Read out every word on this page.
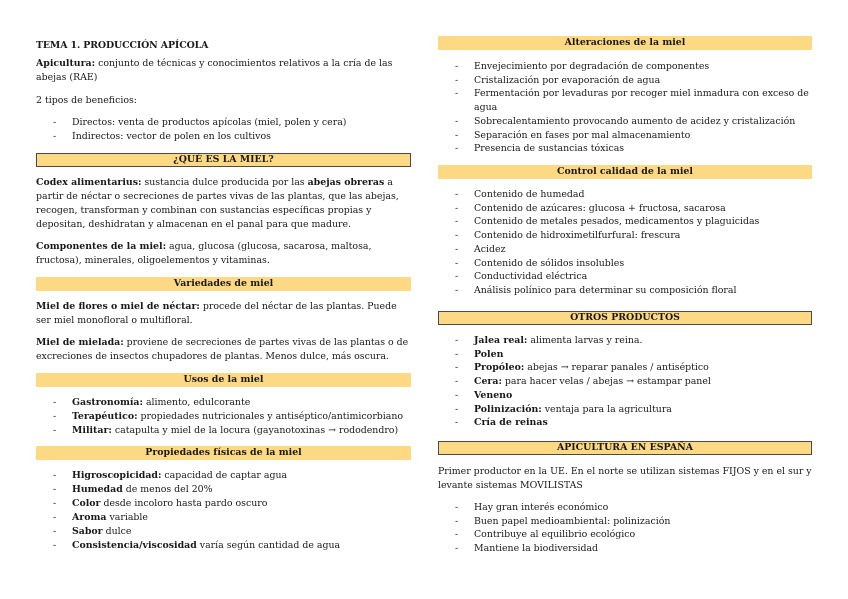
TEMA 1. PRODUCCIÓN APÍCOLA

Apicultura: conjunto de técnicas y conocimientos relativos a la cría de las abejas (RAE)

2 tipos de beneficios:

- Directos: venta de productos apícolas (miel, polen y cera)
- Indirectos: vector de polen en los cultivos
¿QUÉ ES LA MIEL?

Codex alimentarius: sustancia dulce producida por las abejas obreras a partir de néctar o secreciones de partes vivas de las plantas, que las abejas, recogen, transforman y combinan con sustancias específicas propias y depositan, deshidratan y almacenan en el panal para que madure.

Componentes de la miel: agua, glucosa (glucosa, sacarosa, maltosa, fructosa), minerales, oligoelementos y vitaminas.

Variedades de miel

Miel de flores o miel de néctar: procede del néctar de las plantas. Puede ser miel monofloral o multifloral.

Miel de mielada: proviene de secreciones de partes vivas de las plantas o de excreciones de insectos chupadores de plantas. Menos dulce, más oscura.

Usos de la miel
- Gastronomía: alimento, edulcorante
- Terapéutico: propiedades nutricionales y antiséptico/antimicorbiano
- Militar: catapulta y miel de la locura (gayanotoxinas → rododendro)
Propiedades físicas de la miel
- Higroscopicidad: capacidad de captar agua
- Humedad de menos del 20%
- Color desde incoloro hasta pardo oscuro
- Aroma variable
- Sabor dulce
- Consistencia/viscosidad varía según cantidad de agua
Alteraciones de la miel
- Envejecimiento por degradación de componentes
- Cristalización por evaporación de agua
- Fermentación por levaduras por recoger miel inmadura con exceso de agua
- Sobrecalentamiento provocando aumento de acidez y cristalización
- Separación en fases por mal almacenamiento
- Presencia de sustancias tóxicas
Control calidad de la miel
- Contenido de humedad
- Contenido de azúcares: glucosa + fructosa, sacarosa
- Contenido de metales pesados, medicamentos y plaguicidas
- Contenido de hidroximetilfurfural: frescura
- Acidez
- Contenido de sólidos insolubles
- Conductividad eléctrica
- Análisis polínico para determinar su composición floral
OTROS PRODUCTOS
- Jalea real: alimenta larvas y reina.
- Polen
- Propóleo: abejas → reparar panales / antiséptico
- Cera: para hacer velas / abejas → estampar panel
- Veneno
- Polinización: ventaja para la agricultura
- Cría de reinas
APICULTURA EN ESPAÑA

Primer productor en la UE. En el norte se utilizan sistemas FIJOS y en el sur y levante sistemas MOVILISTAS

- Hay gran interés económico
- Buen papel medioambiental: polinización
- Contribuye al equilibrio ecológico
- Mantiene la biodiversidad
